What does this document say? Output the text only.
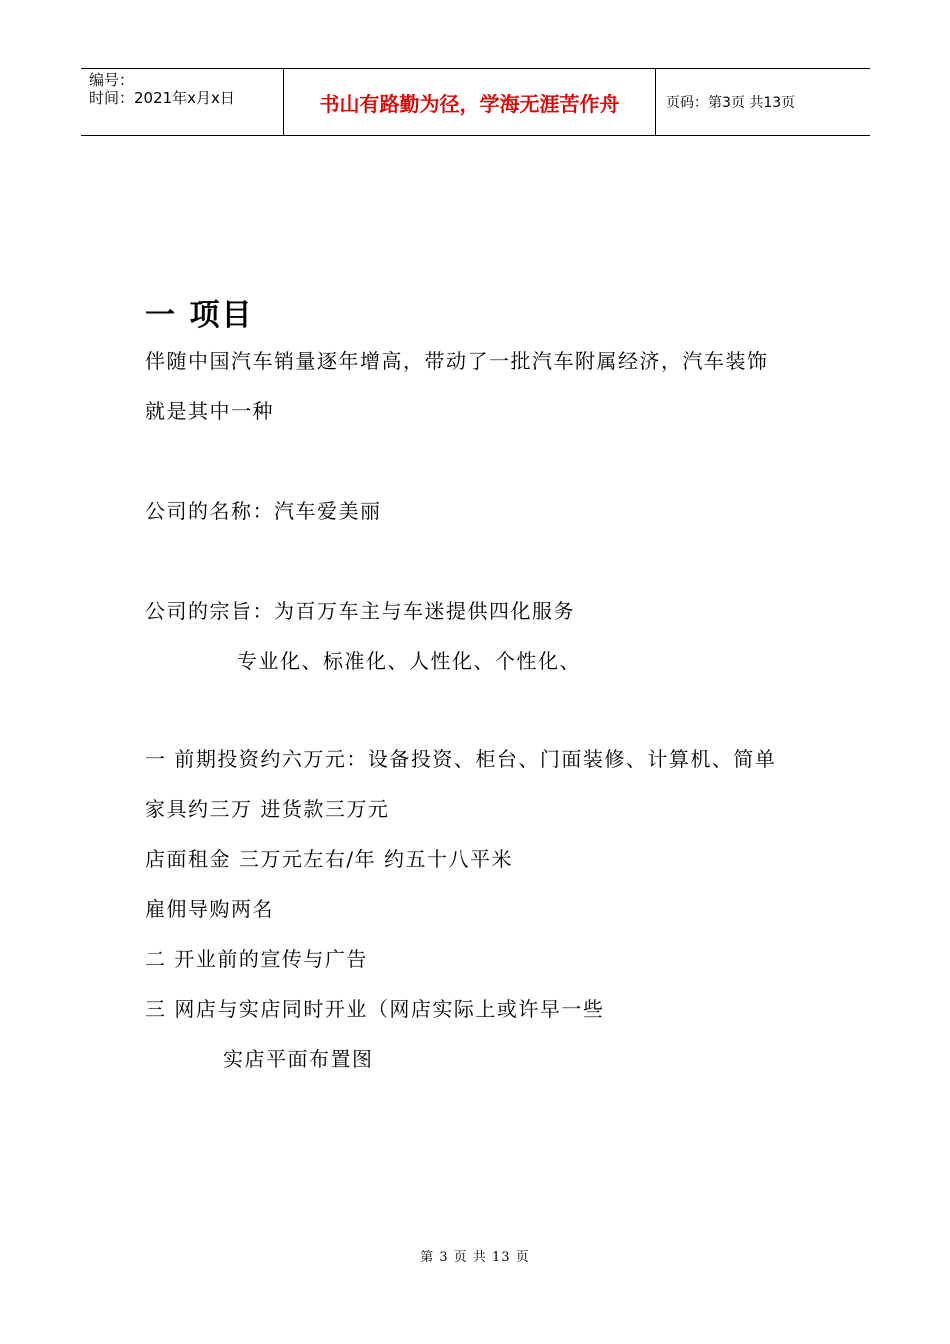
编号：
时间：2021年x月x日	书山有路勤为径，学海无涯苦作舟	页码：第3页 共13页
一 项目
伴随中国汽车销量逐年增高，带动了一批汽车附属经济，汽车装饰
就是其中一种
公司的名称：汽车爱美丽
公司的宗旨：为百万车主与车迷提供四化服务
专业化、标准化、人性化、个性化、
一 前期投资约六万元：设备投资、柜台、门面装修、计算机、简单
家具约三万 进货款三万元
店面租金 三万元左右/年 约五十八平米
雇佣导购两名
二 开业前的宣传与广告
三 网店与实店同时开业（网店实际上或许早一些
实店平面布置图
第 3 页 共 13 页
